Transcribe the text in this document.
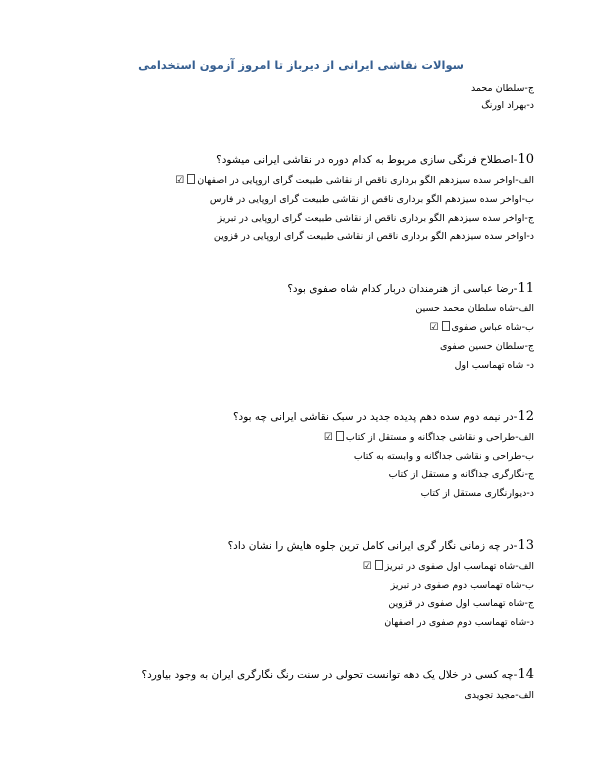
سوالات نقاشی ایرانی از دیرباز تا امروز آزمون استخدامی
ج-سلطان محمد
د-بهراد اورنگ
10-اصطلاح فرنگی سازی مربوط به کدام دوره در نقاشی ایرانی میشود؟
الف-اواخر سده سیزدهم الگو برداری ناقص از نقاشی طبیعت گرای اروپایی در اصفهان☑
ب-اواخر سده سیزدهم الگو برداری ناقص از نقاشی طبیعت گرای اروپایی در فارس
ج-اواخر سده سیزدهم الگو برداری ناقص از نقاشی طبیعت گرای اروپایی در تبریز
د-اواخر سده سیزدهم الگو برداری ناقص از نقاشی طبیعت گرای اروپایی در قزوین
11-رضا عباسی از هنرمندان دربار کدام شاه صفوی بود؟
الف-شاه سلطان محمد حسین
ب-شاه عباس صفوی☑
ج-سلطان حسین صفوی
د- شاه تهماسب اول
12-در نیمه دوم سده دهم پدیده جدید در سبک نقاشی ایرانی چه بود؟
الف-طراحی و نقاشی جداگانه و مستقل از کتاب☑
ب-طراحی و نقاشی جداگانه و وابسته به کتاب
ج-نگارگری جداگانه و مستقل از کتاب
د-دیوارنگاری مستقل از کتاب
13-در چه زمانی نگار گری ایرانی کامل ترین جلوه هایش را نشان داد؟
الف-شاه تهماسب اول صفوی در تبریز☑
ب-شاه تهماسب دوم صفوی در تبریز
ج-شاه تهماسب اول صفوی در قزوین
د-شاه تهماسب دوم صفوی در اصفهان
14-چه کسی در خلال یک دهه توانست تحولی در سنت رنگ نگارگری ایران به وجود بیاورد؟
الف-مجید تجویدی
